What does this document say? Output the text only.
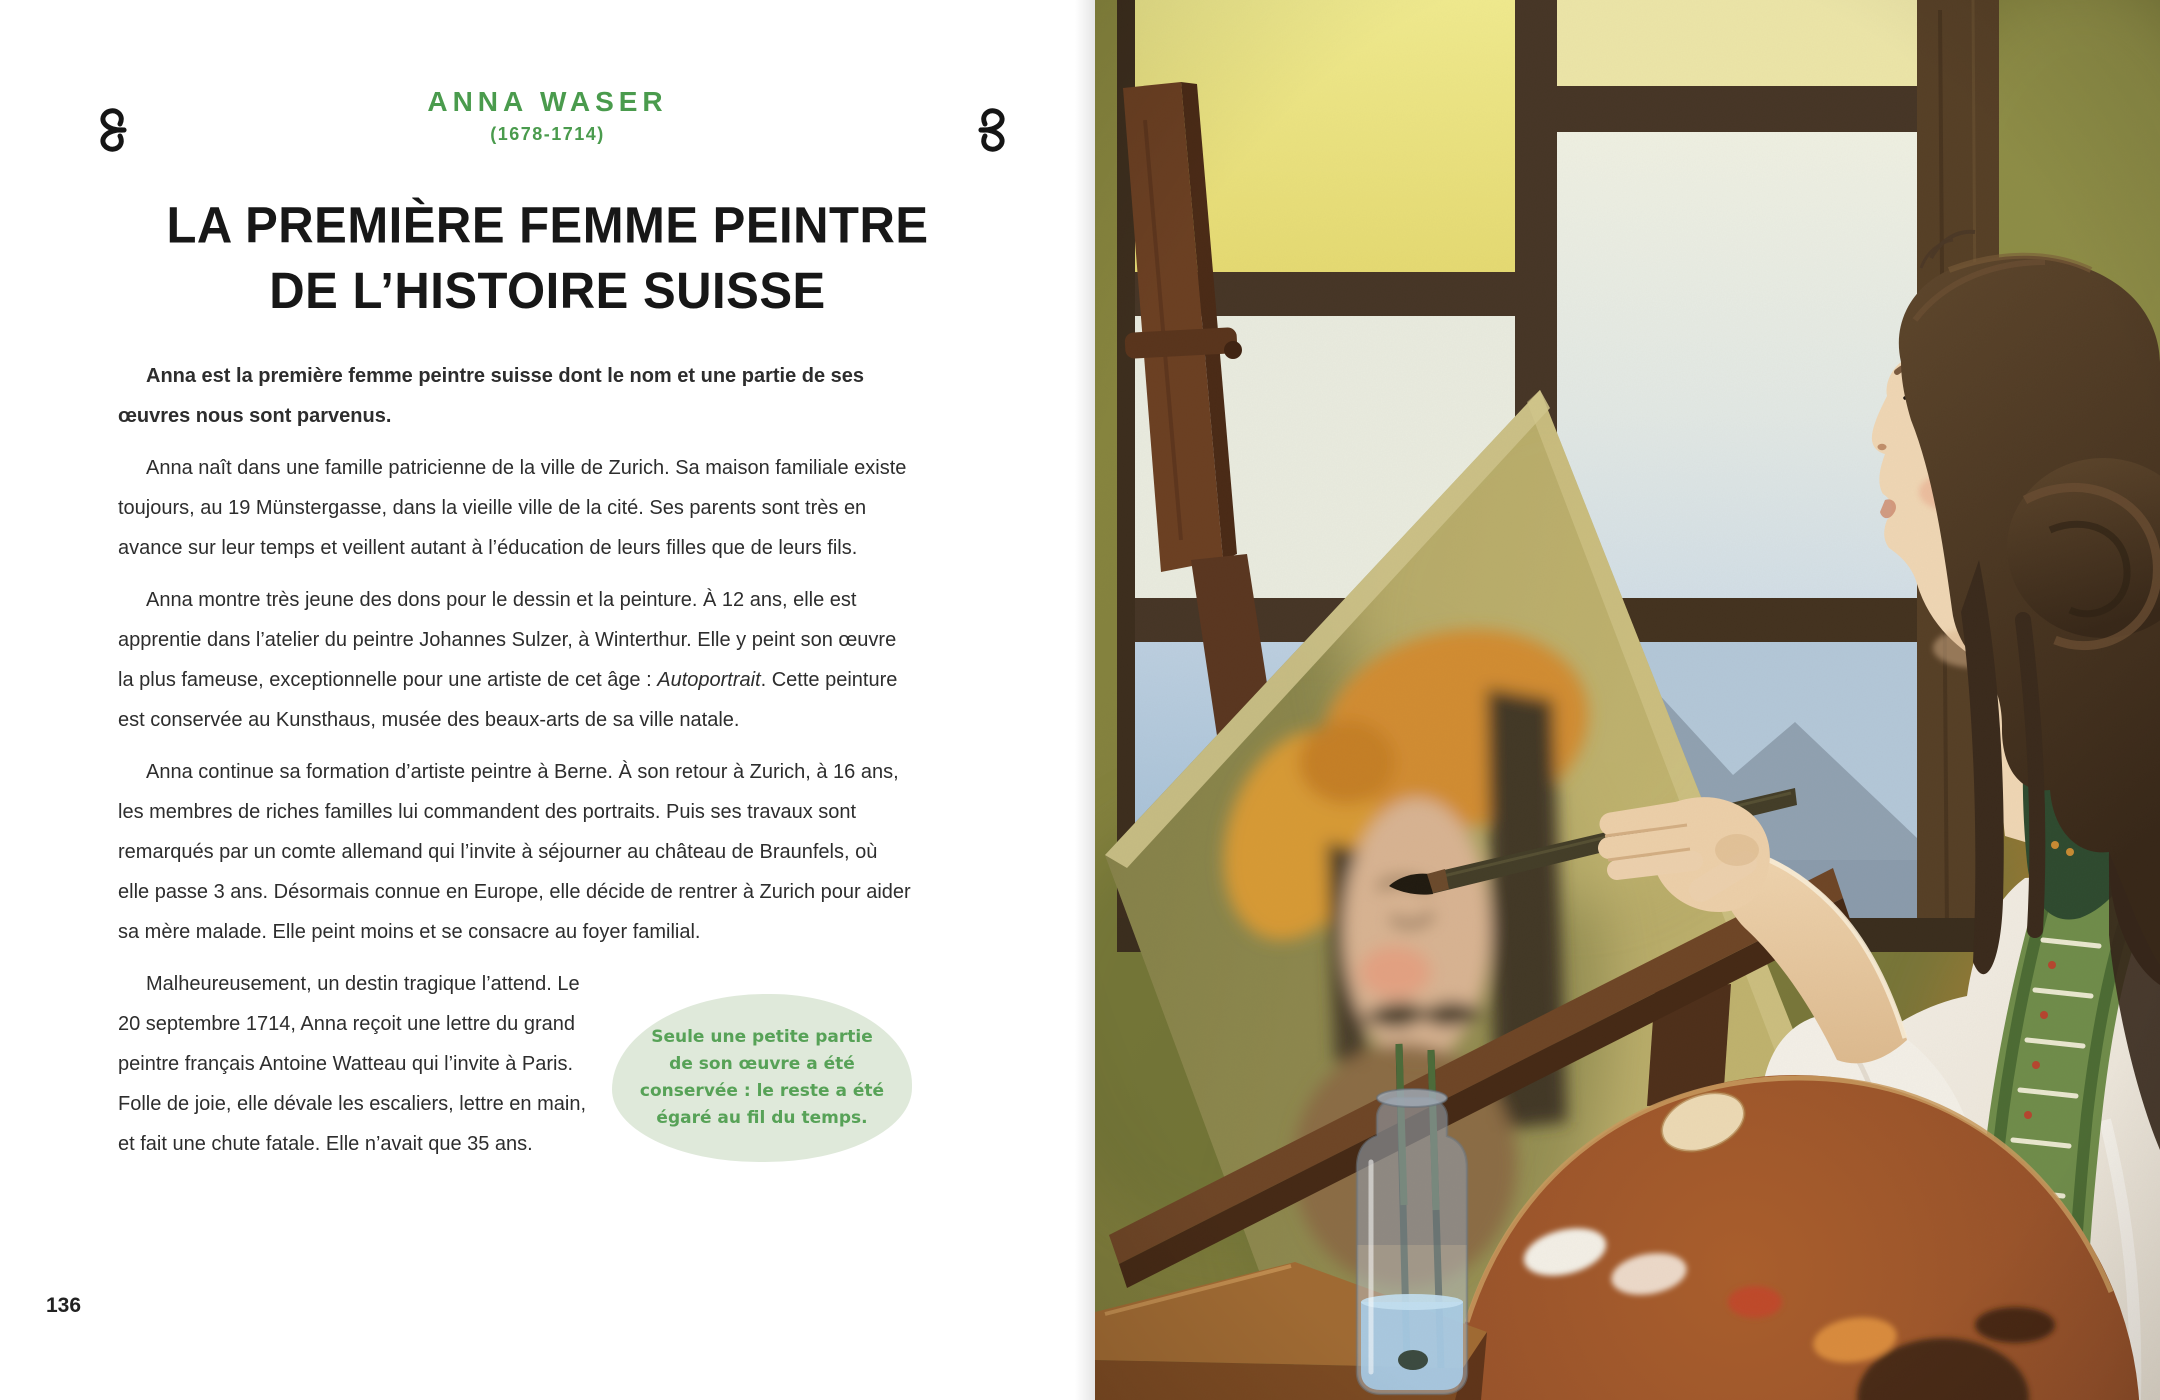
ANNA WASER
(1678-1714)
LA PREMIÈRE FEMME PEINTRE
DE L’HISTOIRE SUISSE

Anna est la première femme peintre suisse dont le nom et une partie de ses œuvres nous sont parvenus.

Anna naît dans une famille patricienne de la ville de Zurich. Sa maison familiale existe toujours, au 19 Münstergasse, dans la vieille ville de la cité. Ses parents sont très en avance sur leur temps et veillent autant à l’éducation de leurs filles que de leurs fils.

Anna montre très jeune des dons pour le dessin et la peinture. À 12 ans, elle est apprentie dans l’atelier du peintre Johannes Sulzer, à Winterthur. Elle y peint son œuvre la plus fameuse, exceptionnelle pour une artiste de cet âge : Autoportrait. Cette peinture est conservée au Kunsthaus, musée des beaux-arts de sa ville natale.

Anna continue sa formation d’artiste peintre à Berne. À son retour à Zurich, à 16 ans, les membres de riches familles lui commandent des portraits. Puis ses travaux sont remarqués par un comte allemand qui l’invite à séjourner au château de Braunfels, où elle passe 3 ans. Désormais connue en Europe, elle décide de rentrer à Zurich pour aider sa mère malade. Elle peint moins et se consacre au foyer familial.

Malheureusement, un destin tragique l’attend. Le 20 septembre 1714, Anna reçoit une lettre du grand peintre français Antoine Watteau qui l’invite à Paris. Folle de joie, elle dévale les escaliers, lettre en main, et fait une chute fatale. Elle n’avait que 35 ans.

Seule une petite partie de son œuvre a été conservée : le reste a été égaré au fil du temps.
136
